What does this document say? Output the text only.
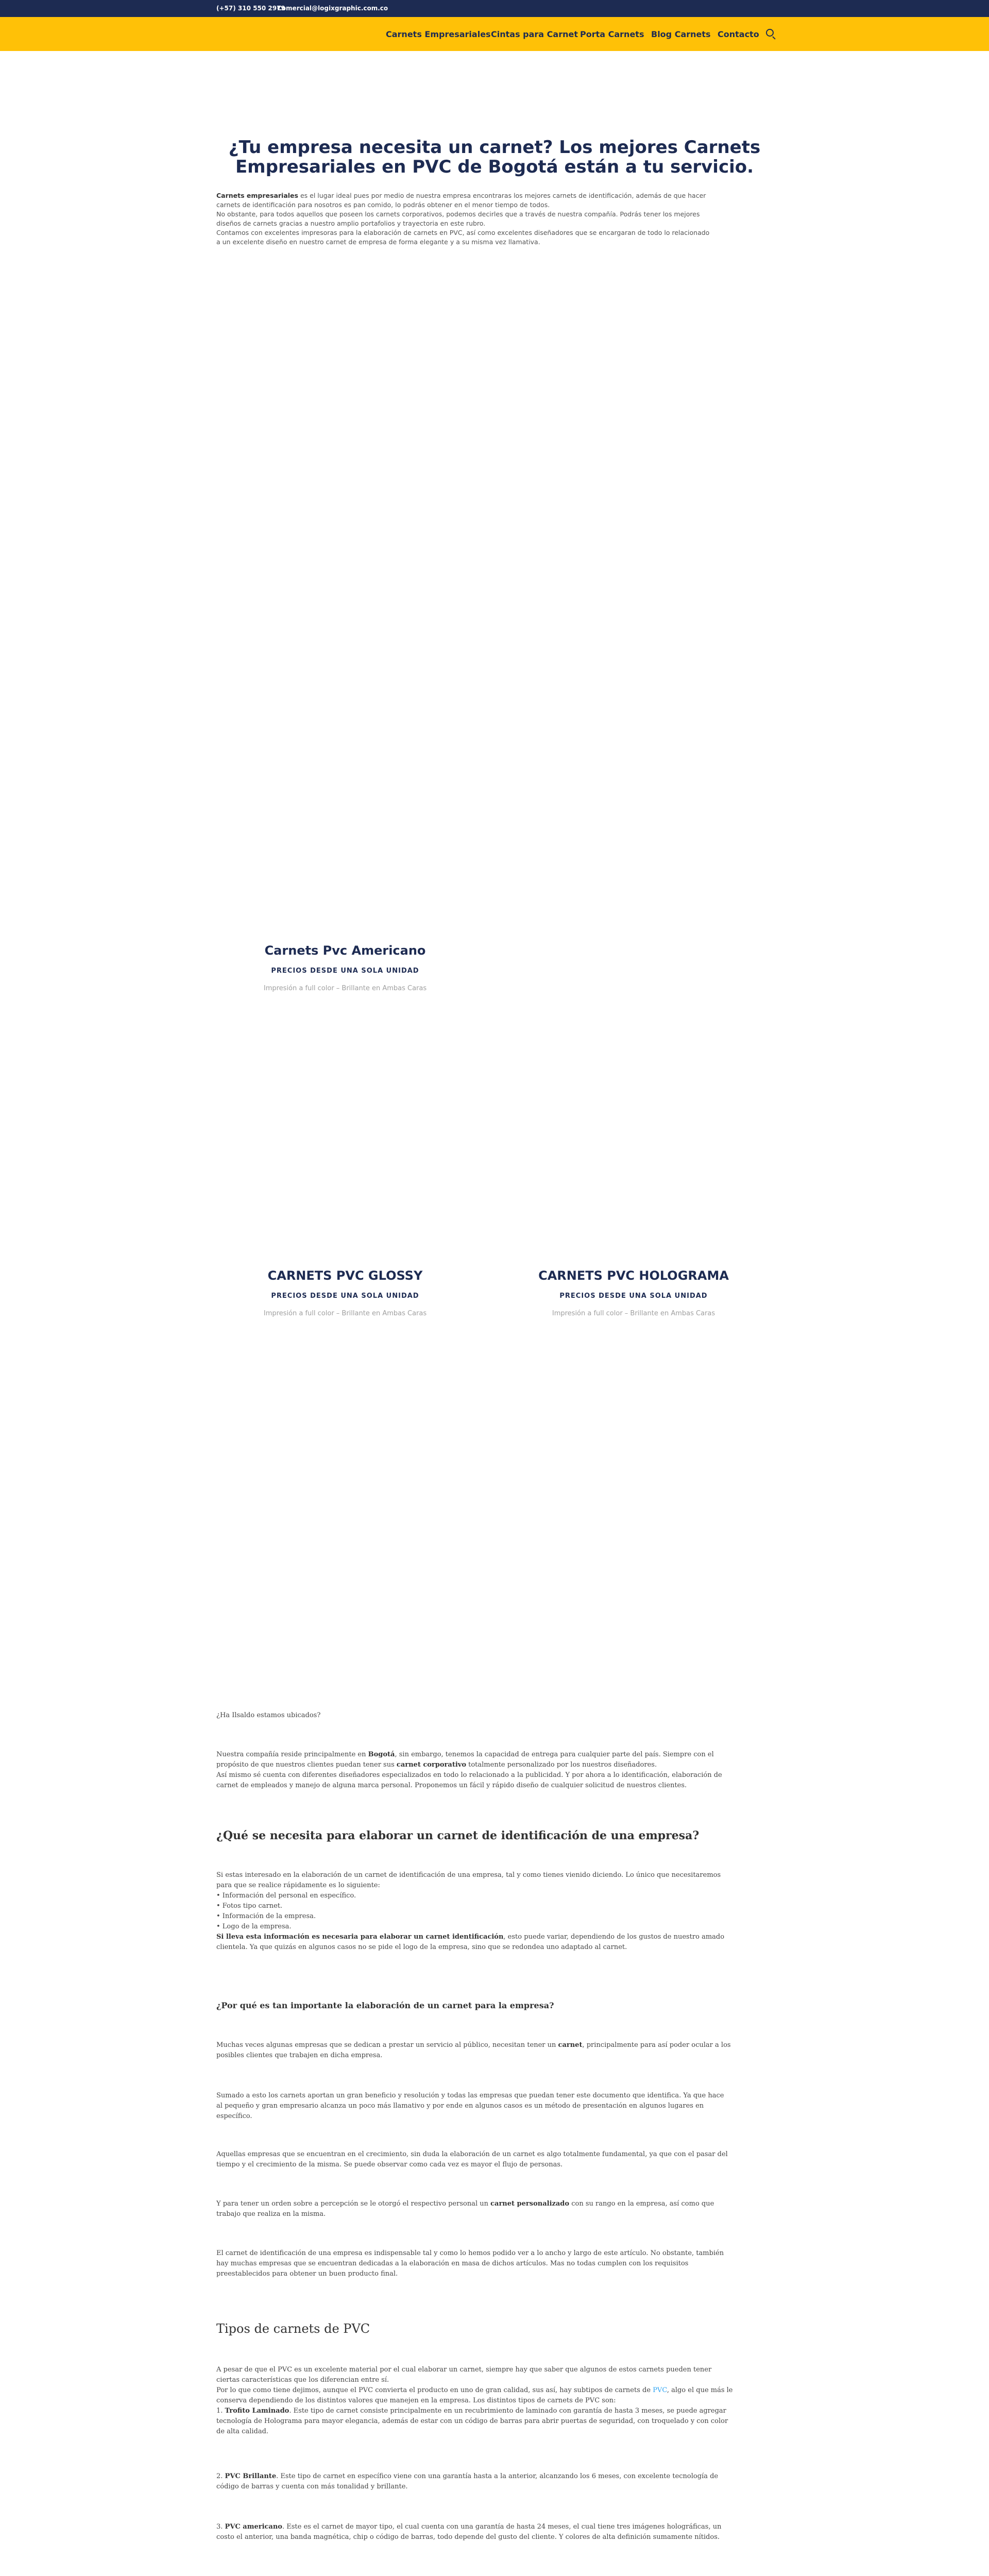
(+57) 310 550 2979
Comercial@logixgraphic.com.co
Carnets Empresariales Cintas para Carnet Porta Carnets Blog Carnets Contacto
¿Tu empresa necesita un carnet? Los mejores Carnets
Empresariales en PVC de Bogotá están a tu servicio.
Carnets empresariales es el lugar ideal pues por medio de nuestra empresa encontraras los mejores carnets de identificación, además de que hacer
carnets de identificación para nosotros es pan comido, lo podrás obtener en el menor tiempo de todos.
No obstante, para todos aquellos que poseen los carnets corporativos, podemos decirles que a través de nuestra compañía. Podrás tener los mejores
diseños de carnets gracias a nuestro amplio portafolios y trayectoria en este rubro.
Contamos con excelentes impresoras para la elaboración de carnets en PVC, así como excelentes diseñadores que se encargaran de todo lo relacionado
a un excelente diseño en nuestro carnet de empresa de forma elegante y a su misma vez llamativa.

Carnets Pvc Americano

PRECIOS DESDE UNA SOLA UNIDAD

Impresión a full color – Brillante en Ambas Caras

CARNETS PVC GLOSSY

PRECIOS DESDE UNA SOLA UNIDAD

Impresión a full color – Brillante en Ambas Caras

CARNETS PVC HOLOGRAMA

PRECIOS DESDE UNA SOLA UNIDAD

Impresión a full color – Brillante en Ambas Caras

¿Ha Ilsaldo estamos ubicados?
Nuestra compañía reside principalmente en Bogotá, sin embargo, tenemos la capacidad de entrega para cualquier parte del país. Siempre con el
propósito de que nuestros clientes puedan tener sus carnet corporativo totalmente personalizado por los nuestros diseñadores.
Así mismo sé cuenta con diferentes diseñadores especializados en todo lo relacionado a la publicidad. Y por ahora a lo identificación, elaboración de
carnet de empleados y manejo de alguna marca personal. Proponemos un fácil y rápido diseño de cualquier solicitud de nuestros clientes.
¿Qué se necesita para elaborar un carnet de identificación de una empresa?
Si estas interesado en la elaboración de un carnet de identificación de una empresa, tal y como tienes vienido diciendo. Lo único que necesitaremos
para que se realice rápidamente es lo siguiente:
• Información del personal en específico.
• Fotos tipo carnet.
• Información de la empresa.
• Logo de la empresa.
Si lleva esta información es necesaria para elaborar un carnet identificación, esto puede variar, dependiendo de los gustos de nuestro amado
clientela. Ya que quizás en algunos casos no se pide el logo de la empresa, sino que se redondea uno adaptado al carnet.
¿Por qué es tan importante la elaboración de un carnet para la empresa?
Muchas veces algunas empresas que se dedican a prestar un servicio al público, necesitan tener un carnet, principalmente para así poder ocular a los
posibles clientes que trabajen en dicha empresa.
Sumado a esto los carnets aportan un gran beneficio y resolución y todas las empresas que puedan tener este documento que identifica. Ya que hace
al pequeño y gran empresario alcanza un poco más llamativo y por ende en algunos casos es un método de presentación en algunos lugares en
específico.
Aquellas empresas que se encuentran en el crecimiento, sin duda la elaboración de un carnet es algo totalmente fundamental, ya que con el pasar del
tiempo y el crecimiento de la misma. Se puede observar como cada vez es mayor el flujo de personas.
Y para tener un orden sobre a percepción se le otorgó el respectivo personal un carnet personalizado con su rango en la empresa, así como que
trabajo que realiza en la misma.
El carnet de identificación de una empresa es indispensable tal y como lo hemos podido ver a lo ancho y largo de este artículo. No obstante, también
hay muchas empresas que se encuentran dedicadas a la elaboración en masa de dichos artículos. Mas no todas cumplen con los requisitos
preestablecidos para obtener un buen producto final.
Tipos de carnets de PVC
A pesar de que el PVC es un excelente material por el cual elaborar un carnet, siempre hay que saber que algunos de estos carnets pueden tener
ciertas características que los diferencian entre sí.
Por lo que como tiene dejimos, aunque el PVC convierta el producto en uno de gran calidad, sus así, hay subtipos de carnets de PVC, algo el que más le
conserva dependiendo de los distintos valores que manejen en la empresa. Los distintos tipos de carnets de PVC son:
1. Trofito Laminado. Este tipo de carnet consiste principalmente en un recubrimiento de laminado con garantía de hasta 3 meses, se puede agregar
tecnología de Holograma para mayor elegancia, además de estar con un código de barras para abrir puertas de seguridad, con troquelado y con color
de alta calidad.
2. PVC Brillante. Este tipo de carnet en específico viene con una garantía hasta a la anterior, alcanzando los 6 meses, con excelente tecnología de
código de barras y cuenta con más tonalidad y brillante.
3. PVC americano. Este es el carnet de mayor tipo, el cual cuenta con una garantía de hasta 24 meses, el cual tiene tres imágenes holográficas, un
costo el anterior, una banda magnética, chip o código de barras, todo depende del gusto del cliente. Y colores de alta definición sumamente nítidos.
